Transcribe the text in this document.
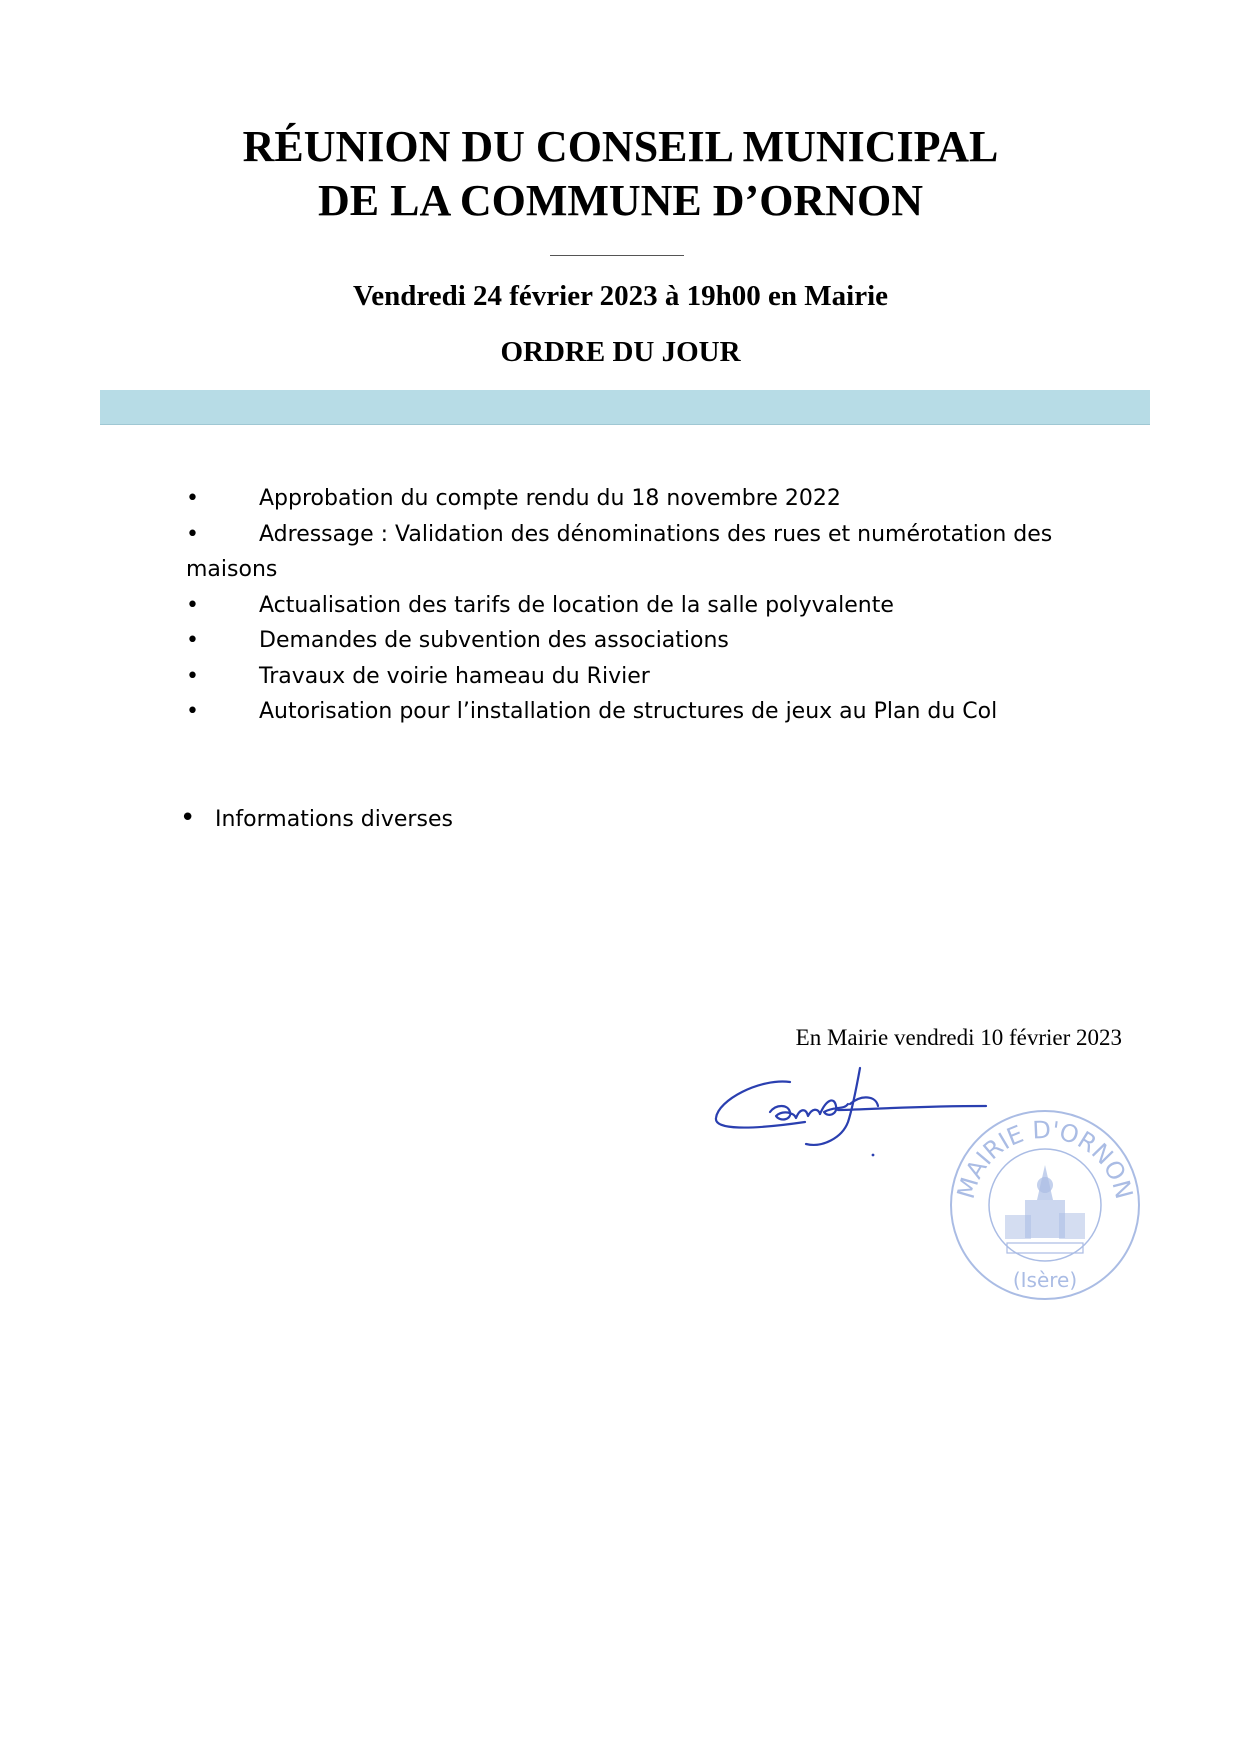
RÉUNION DU CONSEIL MUNICIPAL
DE LA COMMUNE D’ORNON
Vendredi 24 février 2023 à 19h00 en Mairie
ORDRE DU JOUR
•	Approbation du compte rendu du 18 novembre 2022
•	Adressage : Validation des dénominations des rues et numérotation des maisons
•	Actualisation des tarifs de location de la salle polyvalente
•	Demandes de subvention des associations
•	Travaux de voirie hameau du Rivier
•	Autorisation pour l’installation de structures de jeux au Plan du Col
• Informations diverses
En Mairie vendredi 10 février 2023
MAIRIE D'ORNON
(Isère)
